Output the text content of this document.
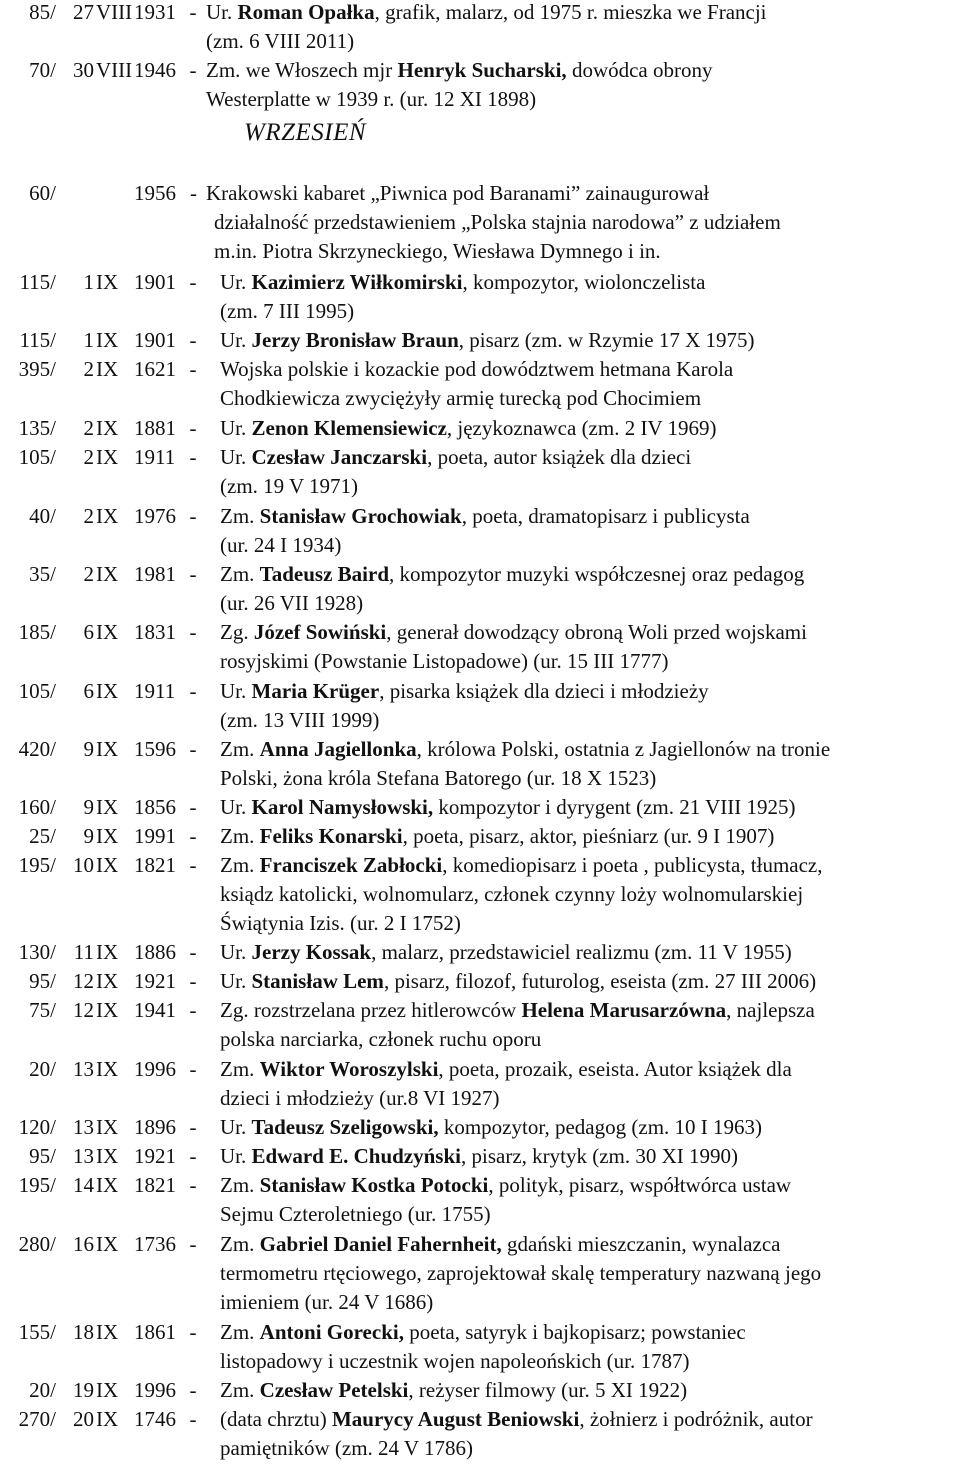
85/ 27 VIII 1931 - Ur. Roman Opałka, grafik, malarz, od 1975 r. mieszka we Francji
(zm. 6 VIII 2011)
70/ 30 VIII 1946 - Zm. we Włoszech mjr Henryk Sucharski, dowódca obrony
Westerplatte w 1939 r. (ur. 12 XI 1898)
60/	1956 - Krakowski kabaret „Piwnica pod Baranami” zainaugurował
działalność przedstawieniem „Polska stajnia narodowa” z udziałem
m.in. Piotra Skrzyneckiego, Wiesława Dymnego i in.
115/	1 IX 1901 - Ur. Kazimierz Wiłkomirski, kompozytor, wiolonczelista
(zm. 7 III 1995)
115/	1 IX 1901 - Ur. Jerzy Bronisław Braun, pisarz (zm. w Rzymie 17 X 1975)
395/	2 IX 1621 - Wojska polskie i kozackie pod dowództwem hetmana Karola
Chodkiewicza zwyciężyły armię turecką pod Chocimiem
135/	2 IX 1881 - Ur. Zenon Klemensiewicz, językoznawca (zm. 2 IV 1969)
105/	2 IX 1911 - Ur. Czesław Janczarski, poeta, autor książek dla dzieci
(zm. 19 V 1971)
40/	2 IX 1976 - Zm. Stanisław Grochowiak, poeta, dramatopisarz i publicysta
(ur. 24 I 1934)
35/	2 IX 1981 - Zm. Tadeusz Baird, kompozytor muzyki współczesnej oraz pedagog
(ur. 26 VII 1928)
185/	6 IX 1831 - Zg. Józef Sowiński, generał dowodzący obroną Woli przed wojskami
rosyjskimi (Powstanie Listopadowe) (ur. 15 III 1777)
105/	6 IX 1911 - Ur. Maria Krüger, pisarka książek dla dzieci i młodzieży
(zm. 13 VIII 1999)
420/	9 IX 1596 - Zm. Anna Jagiellonka, królowa Polski, ostatnia z Jagiellonów na tronie
Polski, żona króla Stefana Batorego (ur. 18 X 1523)
160/	9 IX 1856 - Ur. Karol Namysłowski, kompozytor i dyrygent (zm. 21 VIII 1925)
25/	9 IX 1991 - Zm. Feliks Konarski, poeta, pisarz, aktor, pieśniarz (ur. 9 I 1907)
195/ 10 IX 1821 - Zm. Franciszek Zabłocki, komediopisarz i poeta , publicysta, tłumacz,
ksiądz katolicki, wolnomularz, członek czynny loży wolnomularskiej
Świątynia Izis. (ur. 2 I 1752)
130/ 11 IX 1886 - Ur. Jerzy Kossak, malarz, przedstawiciel realizmu (zm. 11 V 1955)
95/ 12 IX 1921 - Ur. Stanisław Lem, pisarz, filozof, futurolog, eseista (zm. 27 III 2006)
75/ 12 IX 1941 - Zg. rozstrzelana przez hitlerowców Helena Marusarzówna, najlepsza
polska narciarka, członek ruchu oporu
20/ 13 IX 1996 - Zm. Wiktor Woroszylski, poeta, prozaik, eseista. Autor książek dla
dzieci i młodzieży (ur.8 VI 1927)
120/ 13 IX 1896 - Ur. Tadeusz Szeligowski, kompozytor, pedagog (zm. 10 I 1963)
95/ 13 IX 1921 - Ur. Edward E. Chudzyński, pisarz, krytyk (zm. 30 XI 1990)
195/ 14 IX 1821 - Zm. Stanisław Kostka Potocki, polityk, pisarz, współtwórca ustaw
Sejmu Czteroletniego (ur. 1755)
280/ 16 IX 1736 - Zm. Gabriel Daniel Fahernheit, gdański mieszczanin, wynalazca
termometru rtęciowego, zaprojektował skalę temperatury nazwaną jego
imieniem (ur. 24 V 1686)
155/ 18 IX 1861 - Zm. Antoni Gorecki, poeta, satyryk i bajkopisarz; powstaniec
listopadowy i uczestnik wojen napoleońskich (ur. 1787)
20/ 19 IX 1996 - Zm. Czesław Petelski, reżyser filmowy (ur. 5 XI 1922)
270/ 20 IX 1746 - (data chrztu) Maurycy August Beniowski, żołnierz i podróżnik, autor
pamiętników (zm. 24 V 1786)
WRZESIEŃ
